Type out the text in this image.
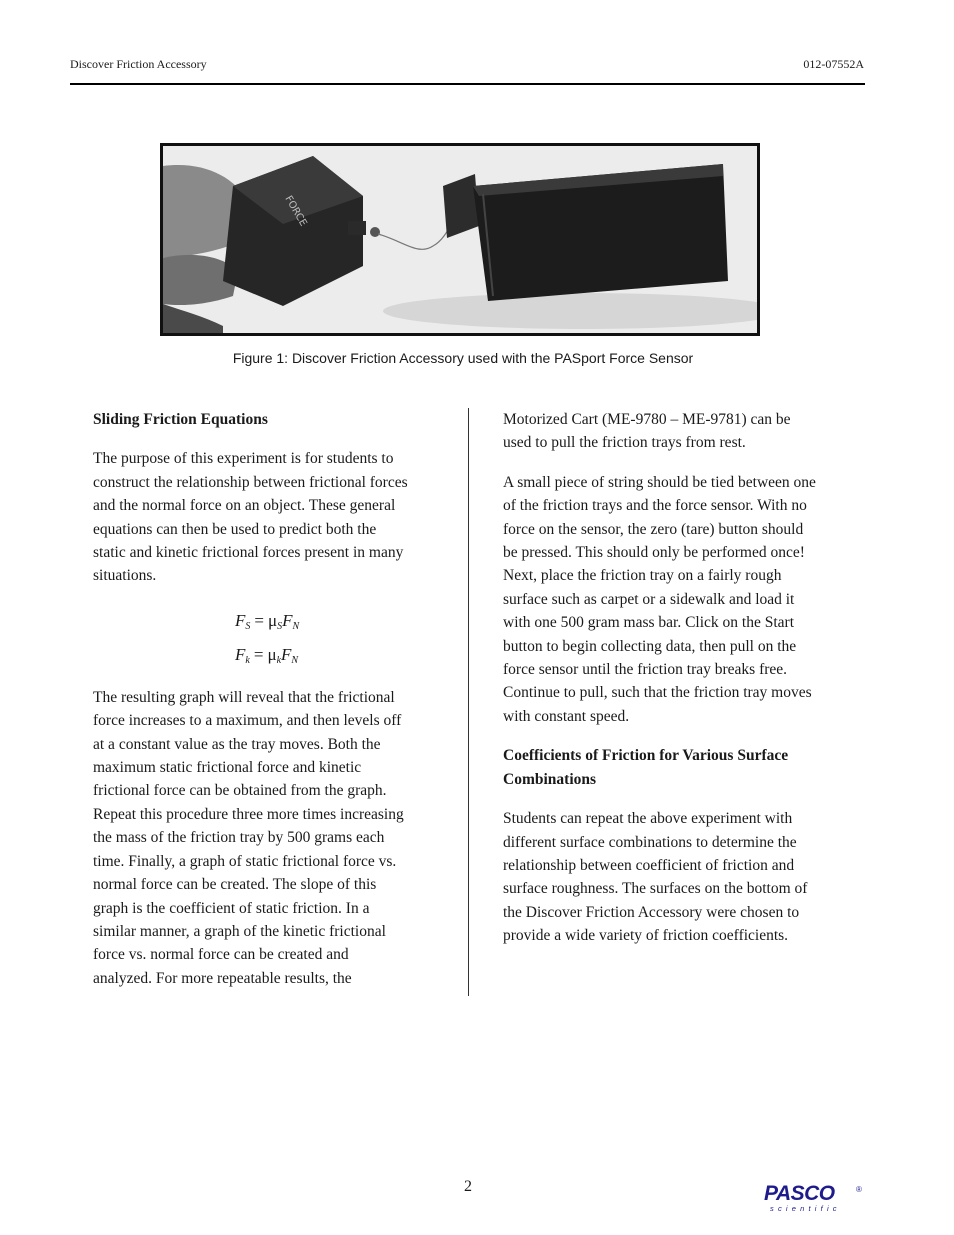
Discover Friction Accessory	012-07552A
FORCE
Figure 1: Discover Friction Accessory used with the PASport Force Sensor
Sliding Friction Equations

The purpose of this experiment is for students to
construct the relationship between frictional forces
and the normal force on an object. These general
equations can then be used to predict both the
static and kinetic frictional forces present in many
situations.

$F_S = \mu_SF_N$
$F_k = \mu_kF_N$

The resulting graph will reveal that the frictional
force increases to a maximum, and then levels off
at a constant value as the tray moves. Both the
maximum static frictional force and kinetic
frictional force can be obtained from the graph.
Repeat this procedure three more times increasing
the mass of the friction tray by 500 grams each
time. Finally, a graph of static frictional force vs.
normal force can be created. The slope of this
graph is the coefficient of static friction. In a
similar manner, a graph of the kinetic frictional
force vs. normal force can be created and
analyzed. For more repeatable results, the

Motorized Cart (ME-9780 – ME-9781) can be
used to pull the friction trays from rest.

A small piece of string should be tied between one
of the friction trays and the force sensor. With no
force on the sensor, the zero (tare) button should
be pressed. This should only be performed once!
Next, place the friction tray on a fairly rough
surface such as carpet or a sidewalk and load it
with one 500 gram mass bar. Click on the Start
button to begin collecting data, then pull on the
force sensor until the friction tray breaks free.
Continue to pull, such that the friction tray moves
with constant speed.

Coefficients of Friction for Various Surface
Combinations

Students can repeat the above experiment with
different surface combinations to determine the
relationship between coefficient of friction and
surface roughness. The surfaces on the bottom of
the Discover Friction Accessory were chosen to
provide a wide variety of friction coefficients.

2	PASCO	®
scientific
